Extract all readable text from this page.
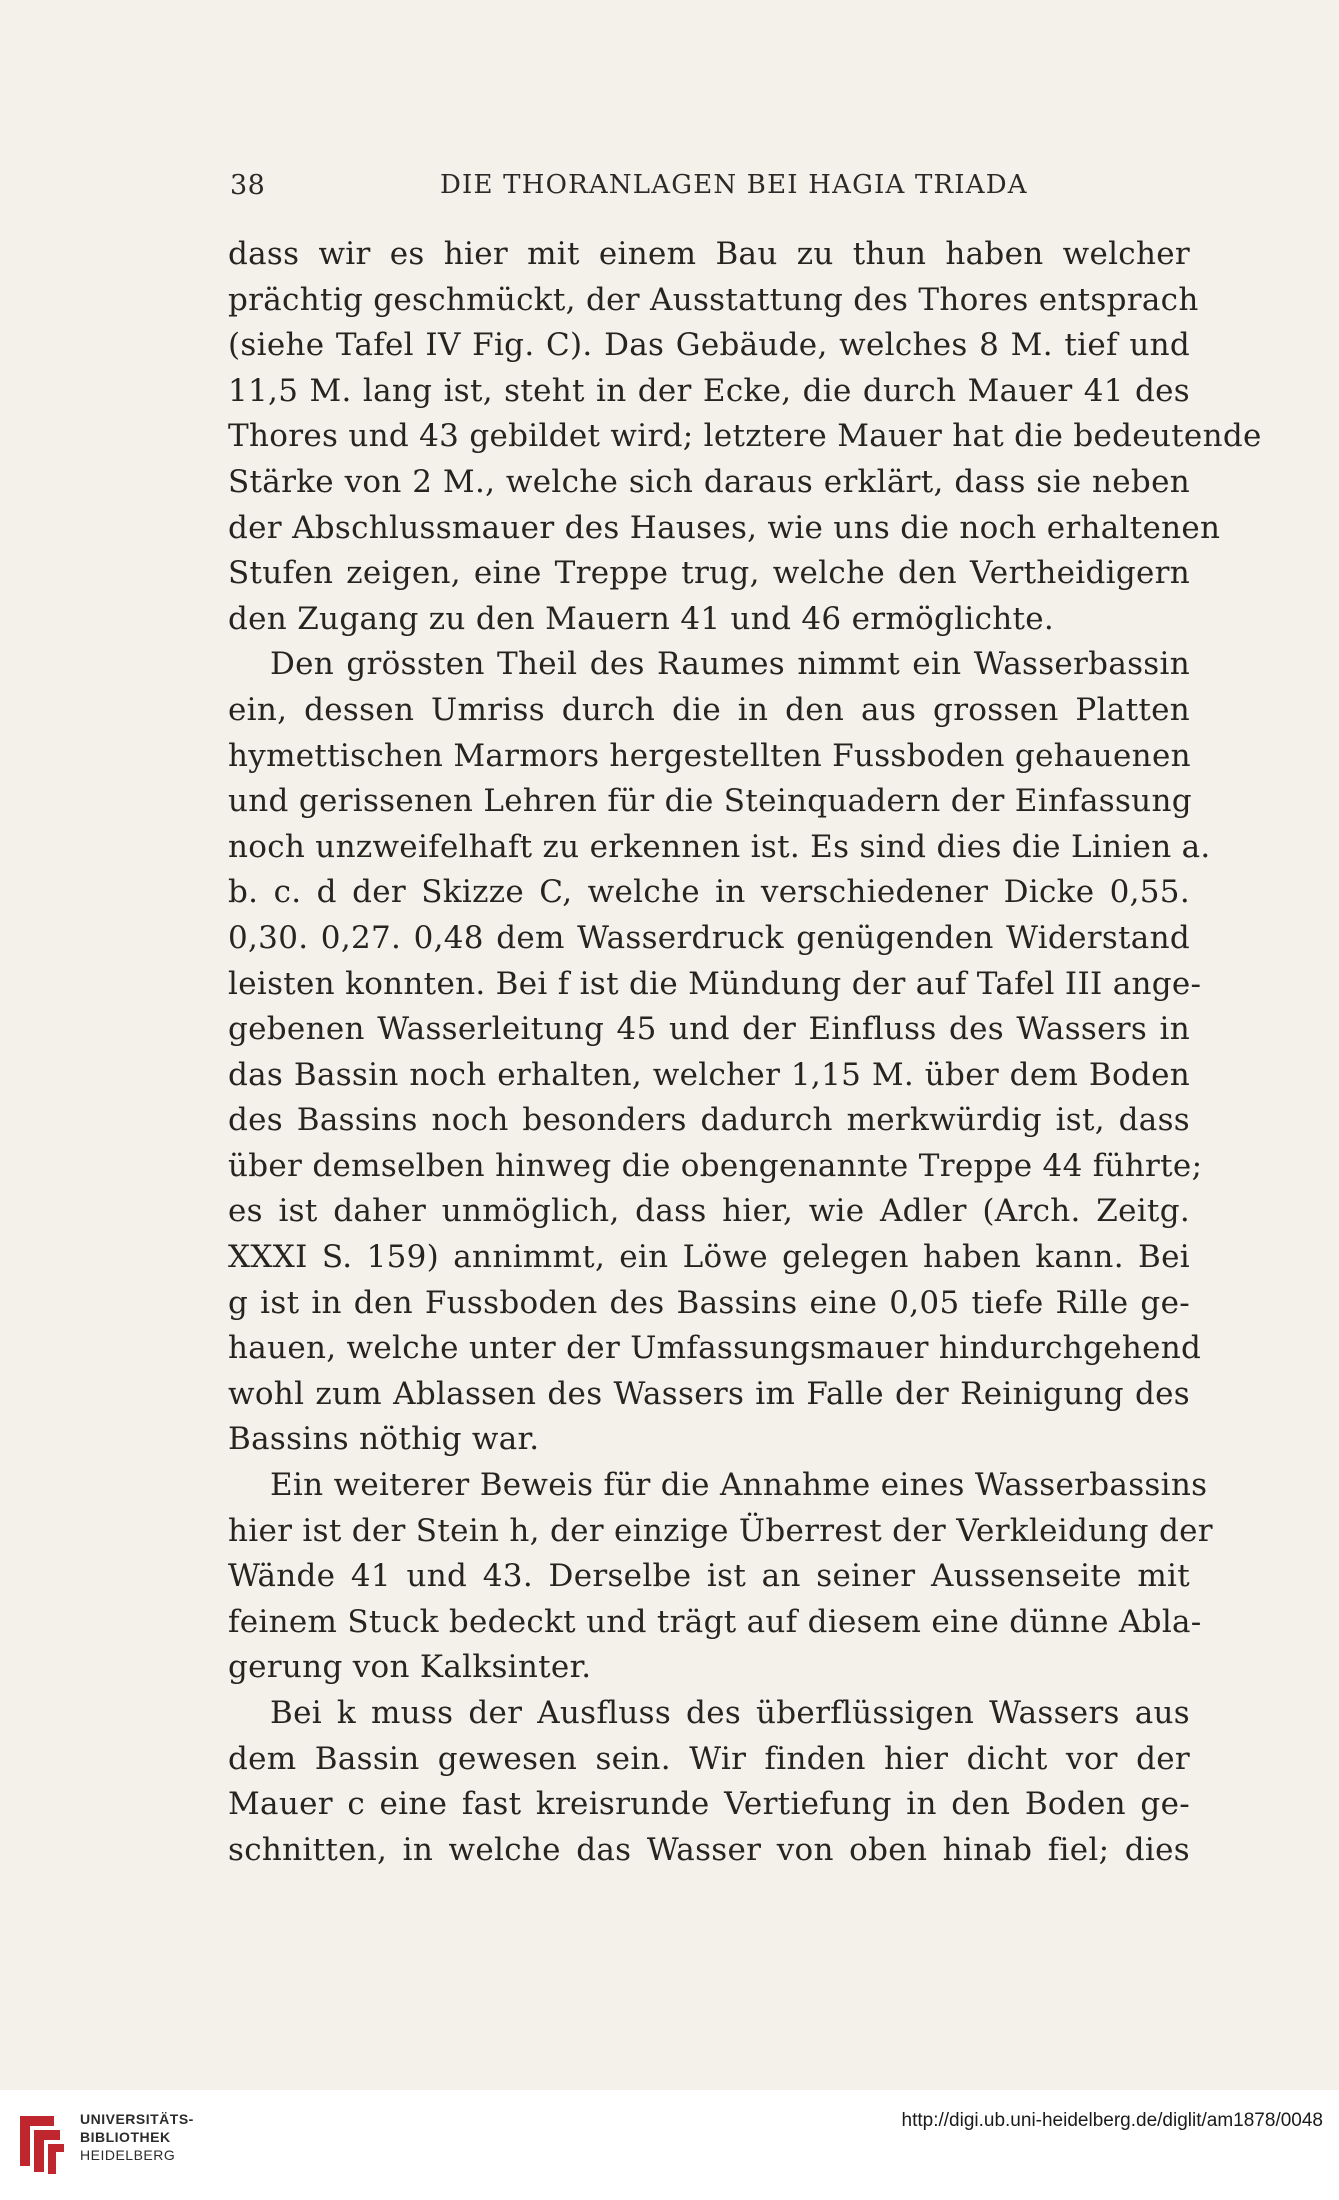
38	DIE THORANLAGEN BEI HAGIA TRIADA
dass wir es hier mit einem Bau zu thun haben welcher
prächtig geschmückt, der Ausstattung des Thores entsprach
(siehe Tafel IV Fig. C). Das Gebäude, welches 8 M. tief und
11,5 M. lang ist, steht in der Ecke, die durch Mauer 41 des
Thores und 43 gebildet wird; letztere Mauer hat die bedeutende
Stärke von 2 M., welche sich daraus erklärt, dass sie neben
der Abschlussmauer des Hauses, wie uns die noch erhaltenen
Stufen zeigen, eine Treppe trug, welche den Vertheidigern
den Zugang zu den Mauern 41 und 46 ermöglichte.
Den grössten Theil des Raumes nimmt ein Wasserbassin
ein, dessen Umriss durch die in den aus grossen Platten
hymettischen Marmors hergestellten Fussboden gehauenen
und gerissenen Lehren für die Steinquadern der Einfassung
noch unzweifelhaft zu erkennen ist. Es sind dies die Linien a.
b. c. d der Skizze C, welche in verschiedener Dicke 0,55.
0,30. 0,27. 0,48 dem Wasserdruck genügenden Widerstand
leisten konnten. Bei f ist die Mündung der auf Tafel III ange-
gebenen Wasserleitung 45 und der Einfluss des Wassers in
das Bassin noch erhalten, welcher 1,15 M. über dem Boden
des Bassins noch besonders dadurch merkwürdig ist, dass
über demselben hinweg die obengenannte Treppe 44 führte;
es ist daher unmöglich, dass hier, wie Adler (Arch. Zeitg.
XXXI S. 159) annimmt, ein Löwe gelegen haben kann. Bei
g ist in den Fussboden des Bassins eine 0,05 tiefe Rille ge-
hauen, welche unter der Umfassungsmauer hindurchgehend
wohl zum Ablassen des Wassers im Falle der Reinigung des
Bassins nöthig war.
Ein weiterer Beweis für die Annahme eines Wasserbassins
hier ist der Stein h, der einzige Überrest der Verkleidung der
Wände 41 und 43. Derselbe ist an seiner Aussenseite mit
feinem Stuck bedeckt und trägt auf diesem eine dünne Abla-
gerung von Kalksinter.
Bei k muss der Ausfluss des überflüssigen Wassers aus
dem Bassin gewesen sein. Wir finden hier dicht vor der
Mauer c eine fast kreisrunde Vertiefung in den Boden ge-
schnitten, in welche das Wasser von oben hinab fiel; dies
UNIVERSITÄTS-
BIBLIOTHEK
HEIDELBERG
http://digi.ub.uni-heidelberg.de/diglit/am1878/0048
